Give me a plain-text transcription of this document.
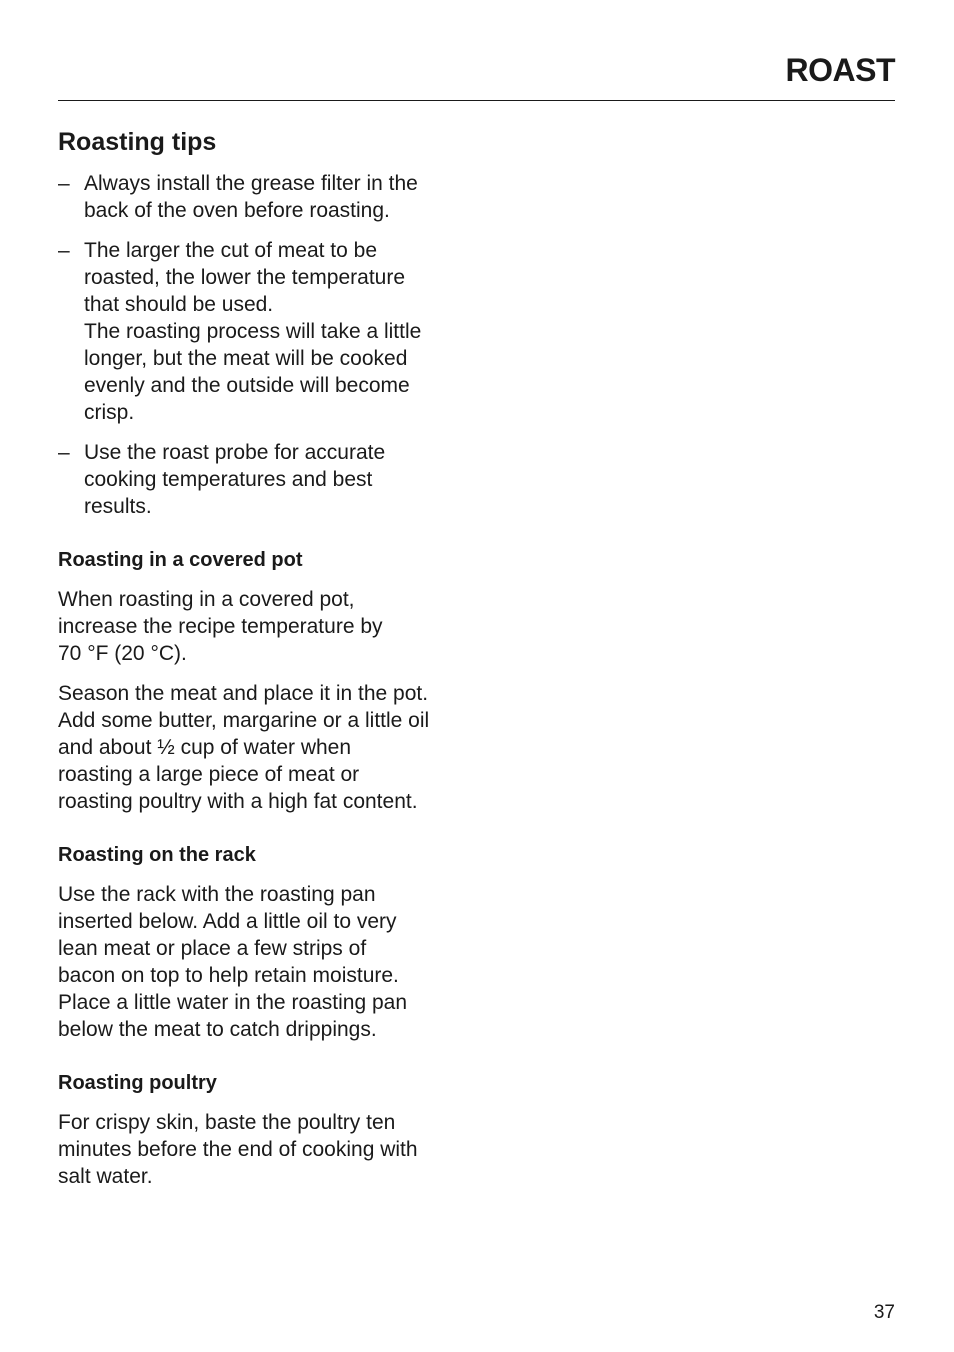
ROAST
Roasting tips
– Always install the grease filter in the
back of the oven before roasting.

– The larger the cut of meat to be
roasted, the lower the temperature
that should be used.

The roasting process will take a little
longer, but the meat will be cooked
evenly and the outside will become
crisp.

– Use the roast probe for accurate
cooking temperatures and best
results.

Roasting in a covered pot

When roasting in a covered pot,
increase the recipe temperature by
70 °F (20 °C).

Season the meat and place it in the pot.
Add some butter, margarine or a little oil
and about ½ cup of water when
roasting a large piece of meat or
roasting poultry with a high fat content.

Roasting on the rack

Use the rack with the roasting pan
inserted below. Add a little oil to very
lean meat or place a few strips of
bacon on top to help retain moisture.
Place a little water in the roasting pan
below the meat to catch drippings.

Roasting poultry

For crispy skin, baste the poultry ten
minutes before the end of cooking with
salt water.

37
